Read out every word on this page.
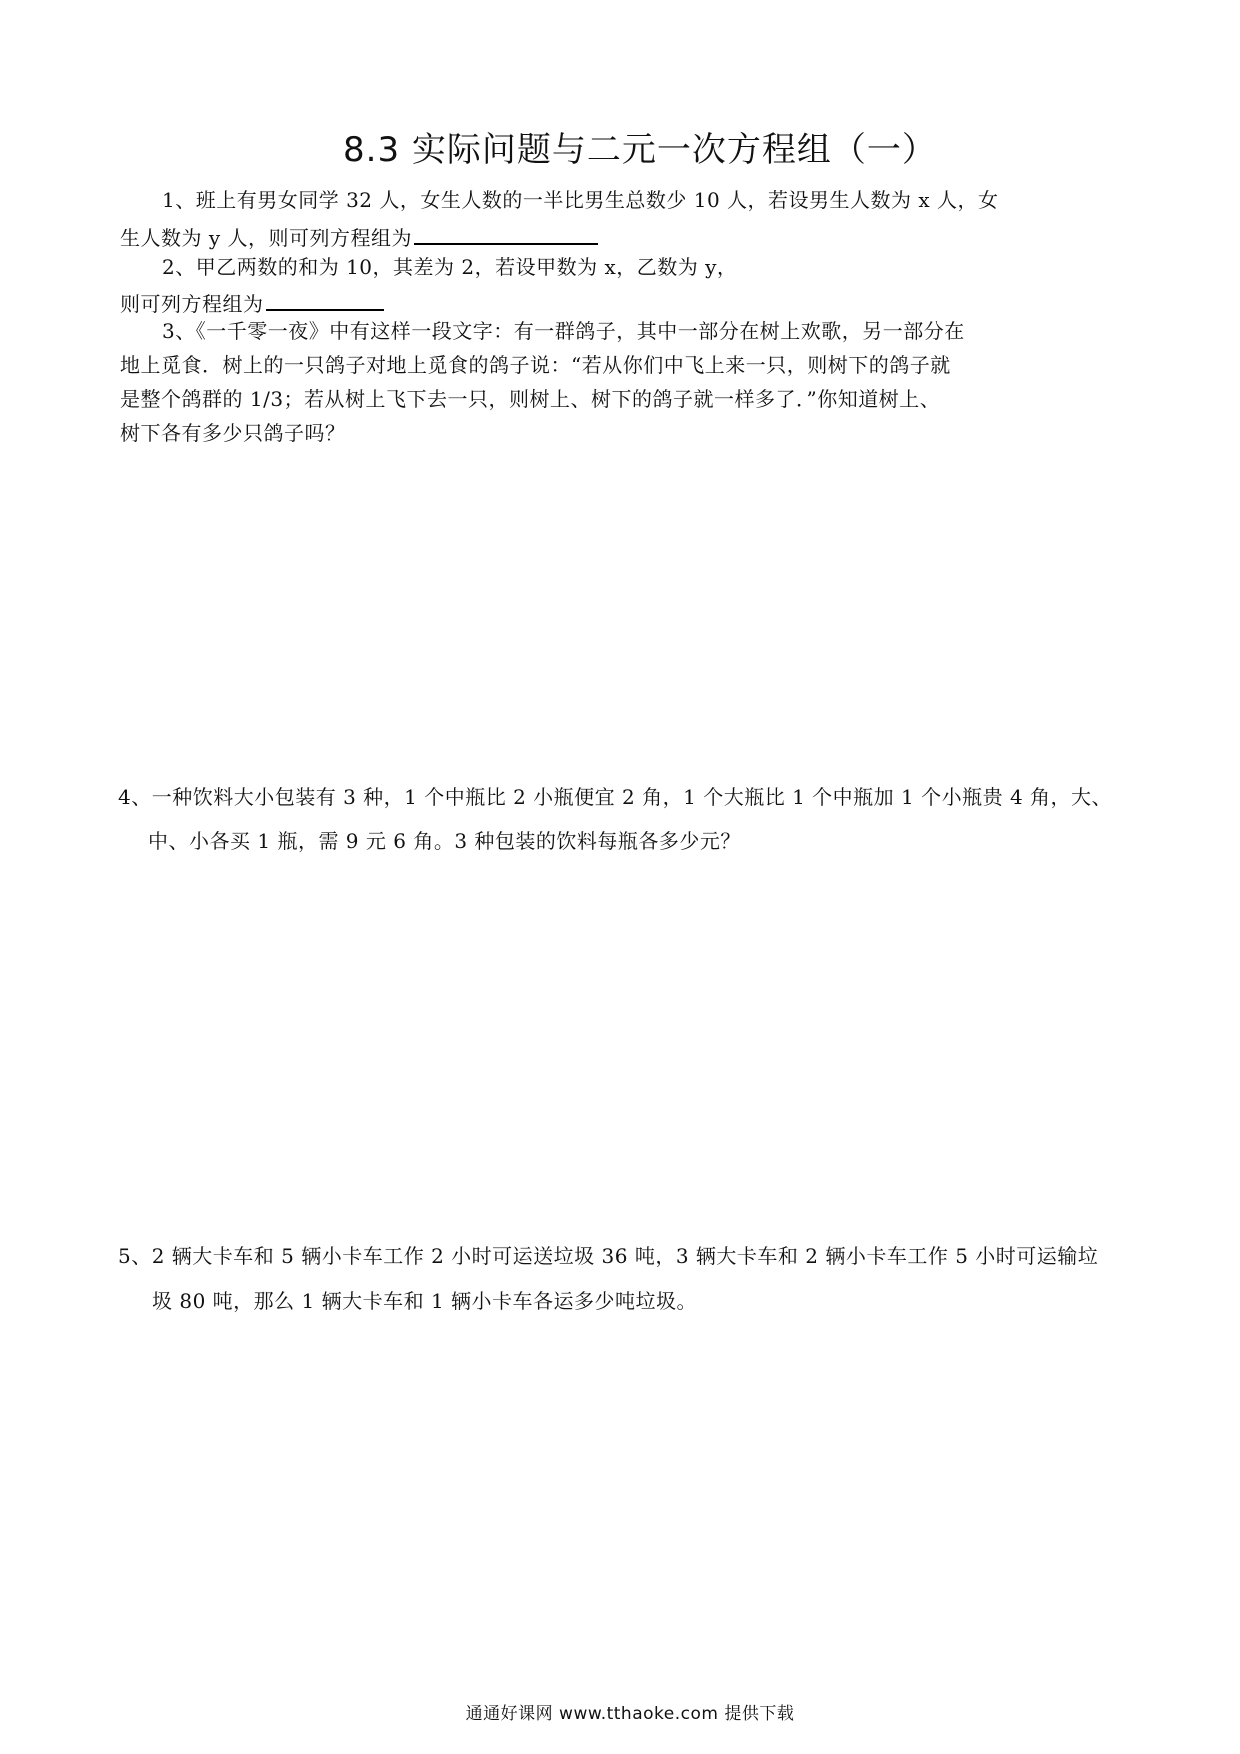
8.3 实际问题与二元一次方程组（一）
1、班上有男女同学 32 人，女生人数的一半比男生总数少 10 人，若设男生人数为 x 人，女
生人数为 y 人，则可列方程组为
2、甲乙两数的和为 10，其差为 2，若设甲数为 x，乙数为 y，
则可列方程组为
3、《一千零一夜》中有这样一段文字：有一群鸽子，其中一部分在树上欢歌，另一部分在
地上觅食．树上的一只鸽子对地上觅食的鸽子说：“若从你们中飞上来一只，则树下的鸽子就
是整个鸽群的 1/3；若从树上飞下去一只，则树上、树下的鸽子就一样多了．”你知道树上、
树下各有多少只鸽子吗？
4、一种饮料大小包装有 3 种，1 个中瓶比 2 小瓶便宜 2 角，1 个大瓶比 1 个中瓶加 1 个小瓶贵 4 角，大、
中、小各买 1 瓶，需 9 元 6 角。3 种包装的饮料每瓶各多少元？
5、2 辆大卡车和 5 辆小卡车工作 2 小时可运送垃圾 36 吨，3 辆大卡车和 2 辆小卡车工作 5 小时可运输垃
圾 80 吨，那么 1 辆大卡车和 1 辆小卡车各运多少吨垃圾。
通通好课网 www.tthaoke.com 提供下载
